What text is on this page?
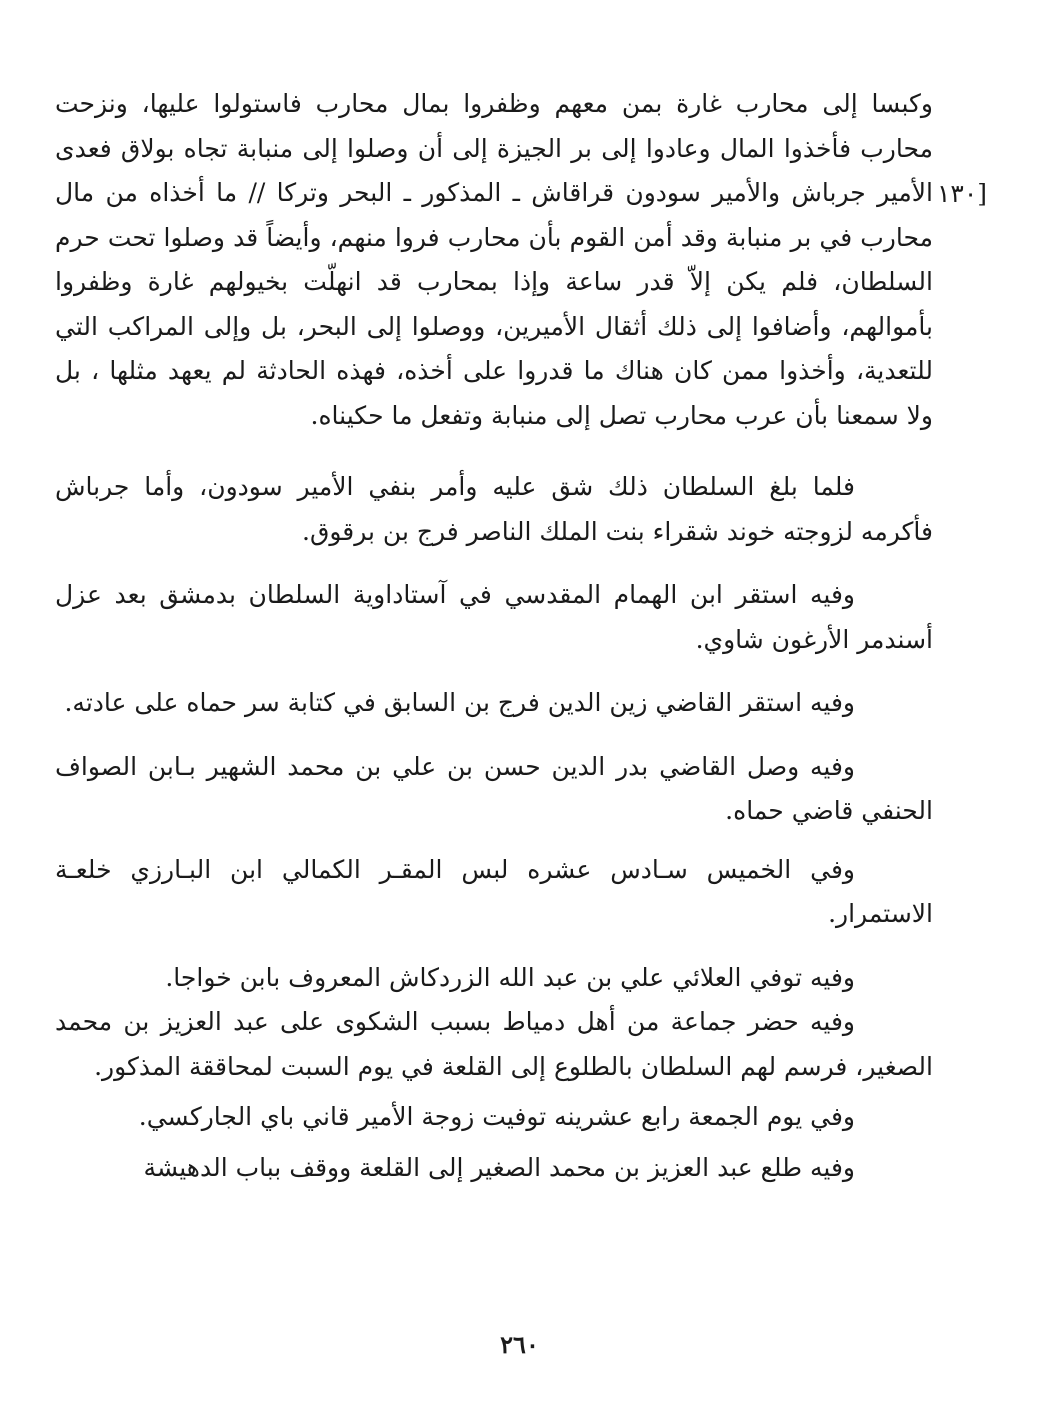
[١٣٠

وكبسا إلى محارب غارة بمن معهم وظفروا بمال محارب فاستولوا عليها، ونزحت محارب فأخذوا المال وعادوا إلى بر الجيزة إلى أن وصلوا إلى منبابة تجاه بولاق فعدى الأمير جرباش والأمير سودون قراقاش ـ المذكور ـ البحر وتركا // ما أخذاه من مال محارب في بر منبابة وقد أمن القوم بأن محارب فروا منهم، وأيضاً قد وصلوا تحت حرم السلطان، فلم يكن إلاّ قدر ساعة وإذا بمحارب قد انهلّت بخيولهم غارة وظفروا بأموالهم، وأضافوا إلى ذلك أثقال الأميرين، ووصلوا إلى البحر، بل وإلى المراكب التي للتعدية، وأخذوا ممن كان هناك ما قدروا على أخذه، فهذه الحادثة لم يعهد مثلها ، بل ولا سمعنا بأن عرب محارب تصل إلى منبابة وتفعل ما حكيناه.

فلما بلغ السلطان ذلك شق عليه وأمر بنفي الأمير سودون، وأما جرباش فأكرمه لزوجته خوند شقراء بنت الملك الناصر فرج بن برقوق.

وفيه استقر ابن الهمام المقدسي في آستاداوية السلطان بدمشق بعد عزل أسندمر الأرغون شاوي.

وفيه استقر القاضي زين الدين فرج بن السابق في كتابة سر حماه على عادته.

وفيه وصل القاضي بدر الدين حسن بن علي بن محمد الشهير بـابن الصواف الحنفي قاضي حماه.

وفي الخميس سـادس عشره لبس المقـر الكمالي ابن البـارزي خلعـة الاستمرار.

وفيه توفي العلائي علي بن عبد الله الزردكاش المعروف بابن خواجا.

وفيه حضر جماعة من أهل دمياط بسبب الشكوى على عبد العزيز بن محمد الصغير، فرسم لهم السلطان بالطلوع إلى القلعة في يوم السبت لمحاققة المذكور.

وفي يوم الجمعة رابع عشرينه توفيت زوجة الأمير قاني باي الجاركسي.

وفيه طلع عبد العزيز بن محمد الصغير إلى القلعة ووقف بباب الدهيشة

٢٦٠
